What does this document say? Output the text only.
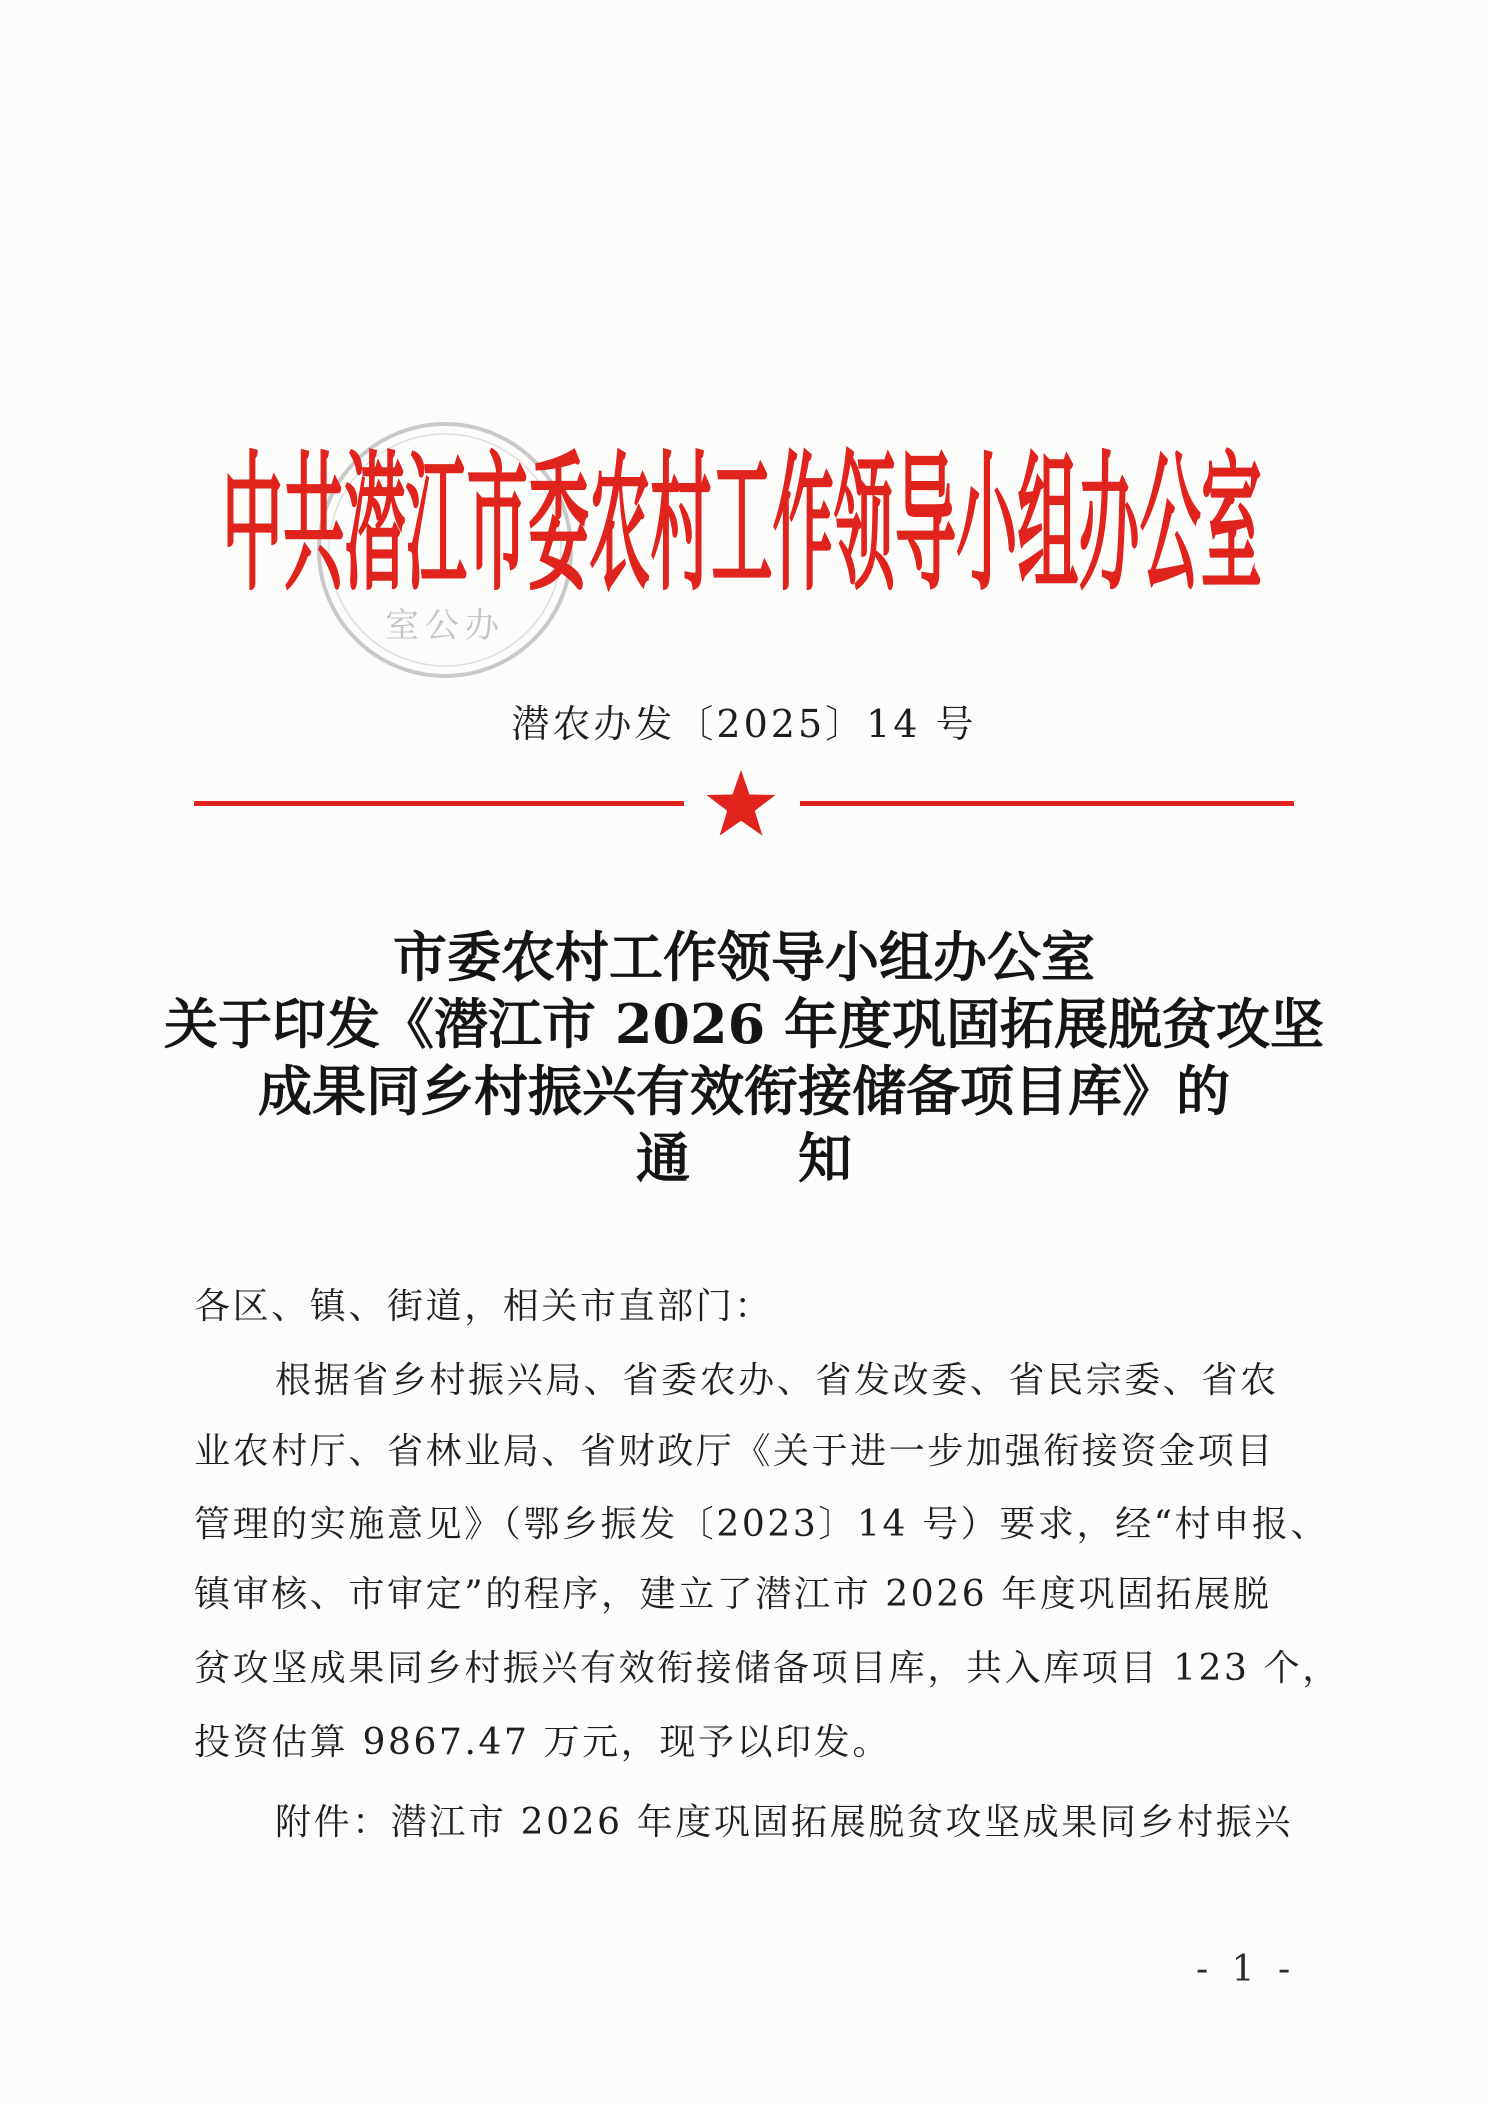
室公办
中共潜江市委农村工作领导小组办公室
潜农办发〔2025〕14 号
市委农村工作领导小组办公室
关于印发《潜江市 2026 年度巩固拓展脱贫攻坚
成果同乡村振兴有效衔接储备项目库》的
通　　知
各区、镇、街道，相关市直部门：
根据省乡村振兴局、省委农办、省发改委、省民宗委、省农
业农村厅、省林业局、省财政厅《关于进一步加强衔接资金项目
管理的实施意见》（鄂乡振发〔2023〕14 号）要求，经“村申报、
镇审核、市审定”的程序，建立了潜江市 2026 年度巩固拓展脱
贫攻坚成果同乡村振兴有效衔接储备项目库，共入库项目 123 个，
投资估算 9867.47 万元，现予以印发。
附件：潜江市 2026 年度巩固拓展脱贫攻坚成果同乡村振兴
- 1 -
